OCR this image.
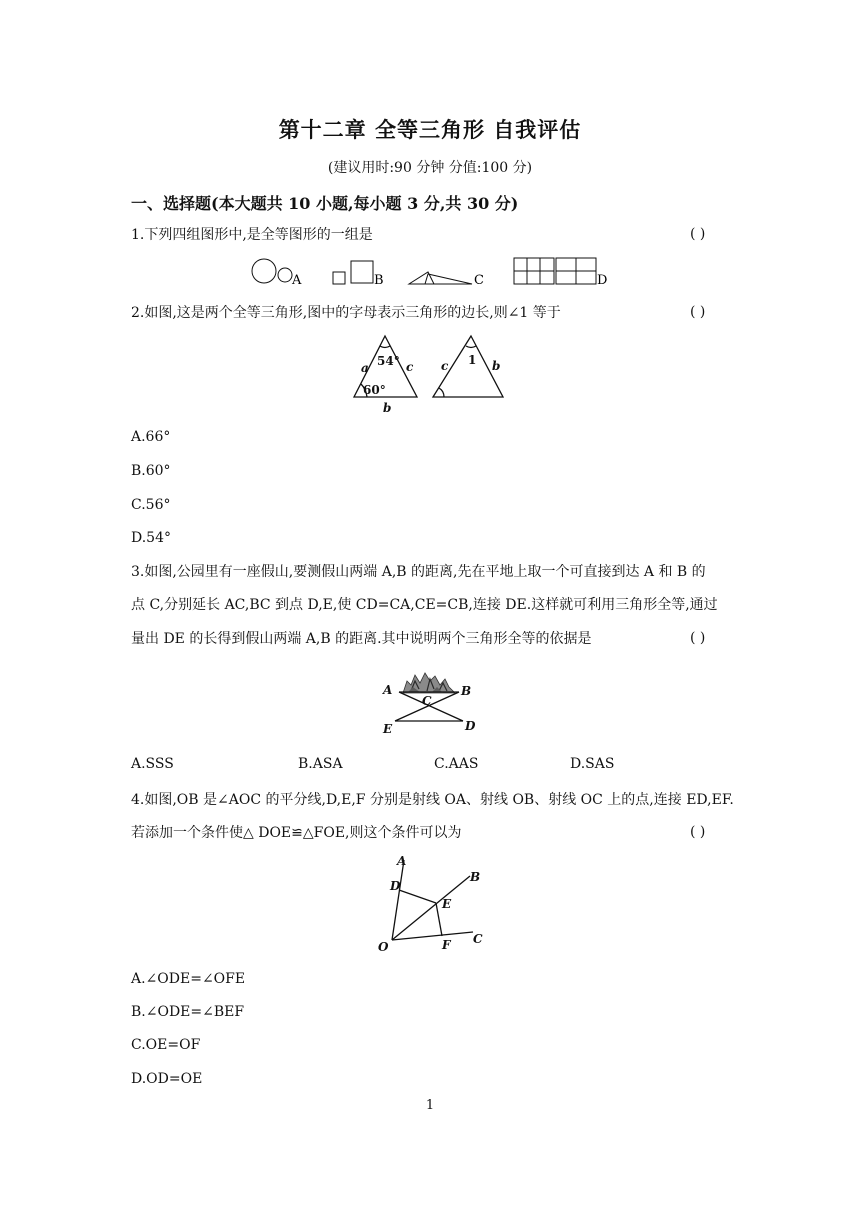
第十二章 全等三角形 自我评估
(建议用时:90 分钟 分值:100 分)
一、选择题(本大题共 10 小题,每小题 3 分,共 30 分)
1.下列四组图形中,是全等图形的一组是	( )
A	B	C	D
2.如图,这是两个全等三角形,图中的字母表示三角形的边长,则∠1 等于	( )
54°
60°
a	c
b
1
c	b
A.66°
B.60°
C.56°
D.54°
3.如图,公园里有一座假山,要测假山两端 A,B 的距离,先在平地上取一个可直接到达 A 和 B 的
点 C,分别延长 AC,BC 到点 D,E,使 CD=CA,CE=CB,连接 DE.这样就可利用三角形全等,通过
量出 DE 的长得到假山两端 A,B 的距离.其中说明两个三角形全等的依据是	( )
A	B
C
D
E
A.SSS	B.ASA	C.AAS	D.SAS
4.如图,OB 是∠AOC 的平分线,D,E,F 分别是射线 OA、射线 OB、射线 OC 上的点,连接 ED,EF.
若添加一个条件使△ DOE≌△FOE,则这个条件可以为	( )
A
B
D
E
F C
O
A.∠ODE=∠OFE
B.∠ODE=∠BEF
C.OE=OF
D.OD=OE
1
